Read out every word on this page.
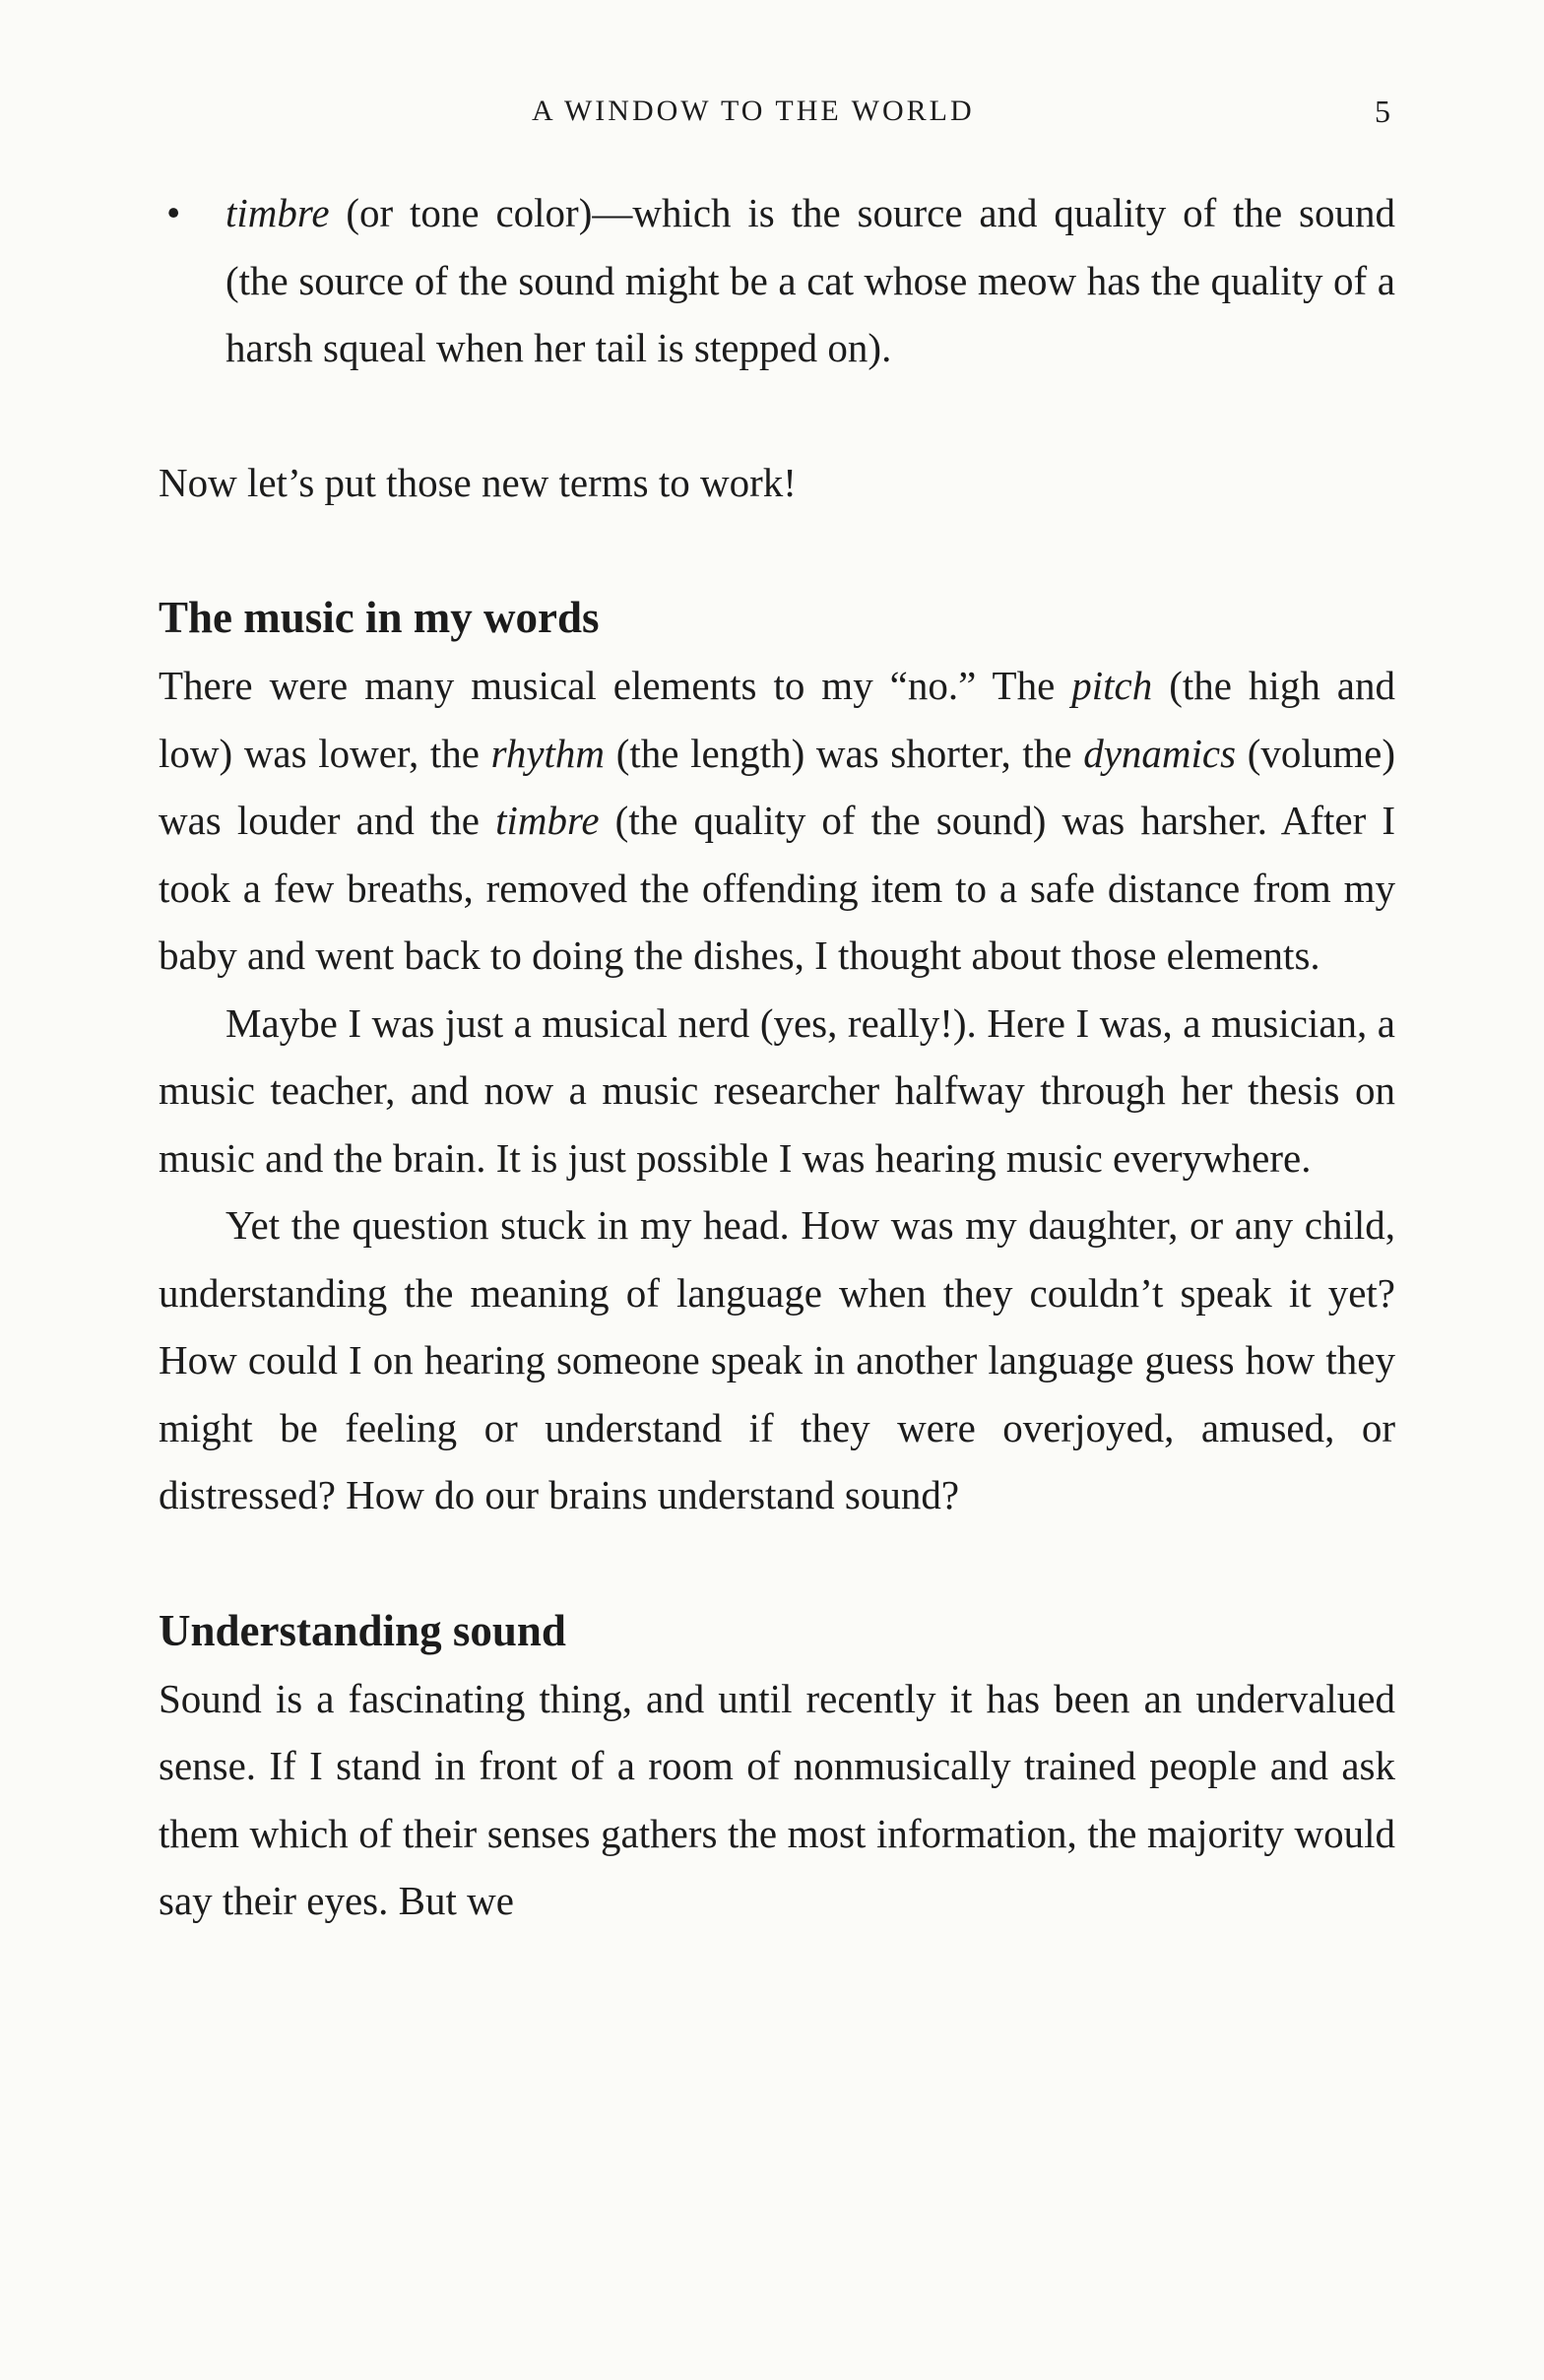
A WINDOW TO THE WORLD	5

• timbre (or tone color)—which is the source and quality of the sound (the source of the sound might be a cat whose meow has the quality of a harsh squeal when her tail is stepped on).

Now let’s put those new terms to work!

The music in my words

There were many musical elements to my “no.” The pitch (the high and low) was lower, the rhythm (the length) was shorter, the dynamics (volume) was louder and the timbre (the quality of the sound) was harsher. After I took a few breaths, removed the offending item to a safe distance from my baby and went back to doing the dishes, I thought about those elements.

Maybe I was just a musical nerd (yes, really!). Here I was, a musician, a music teacher, and now a music researcher halfway through her thesis on music and the brain. It is just possible I was hearing music everywhere.

Yet the question stuck in my head. How was my daughter, or any child, understanding the meaning of language when they couldn’t speak it yet? How could I on hearing someone speak in another language guess how they might be feeling or understand if they were overjoyed, amused, or distressed? How do our brains understand sound?

Understanding sound

Sound is a fascinating thing, and until recently it has been an undervalued sense. If I stand in front of a room of nonmusically trained people and ask them which of their senses gathers the most information, the majority would say their eyes. But we
